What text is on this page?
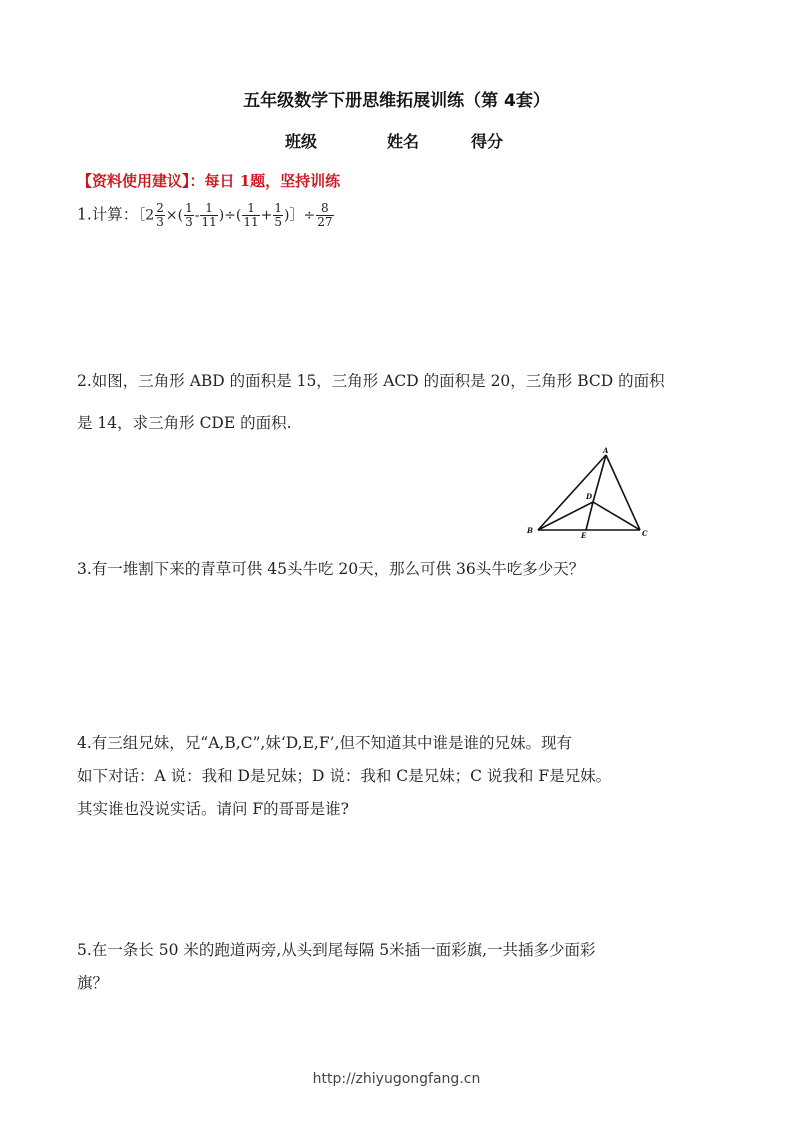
五年级数学下册思维拓展训练（第 4套）
班级	姓名	得分
【资料使用建议】：每日 1题，坚持训练
1.计算：［2 $\frac{2}{3}$ ×( $\frac{1}{3} - \frac{1}{11}$ )÷( $\frac{1}{11} + \frac{1}{5}$ )］÷ $\frac{8}{27}$
2.如图，三角形 ABD 的面积是 15，三角形 ACD 的面积是 20，三角形 BCD 的面积
是 14，求三角形 CDE 的面积.
A
B	C
D
E
3.有一堆割下来的青草可供 45头牛吃 20天，那么可供 36头牛吃多少天？
4.有三组兄妹，兄“A,B,C”,妹‘D,E,F’,但不知道其中谁是谁的兄妹。现有
如下对话：A 说：我和 D是兄妹；D 说：我和 C是兄妹；C 说我和 F是兄妹。
其实谁也没说实话。请问 F的哥哥是谁?
5.在一条长 50 米的跑道两旁,从头到尾每隔 5米插一面彩旗,一共插多少面彩
旗？
http://zhiyugongfang.cn
